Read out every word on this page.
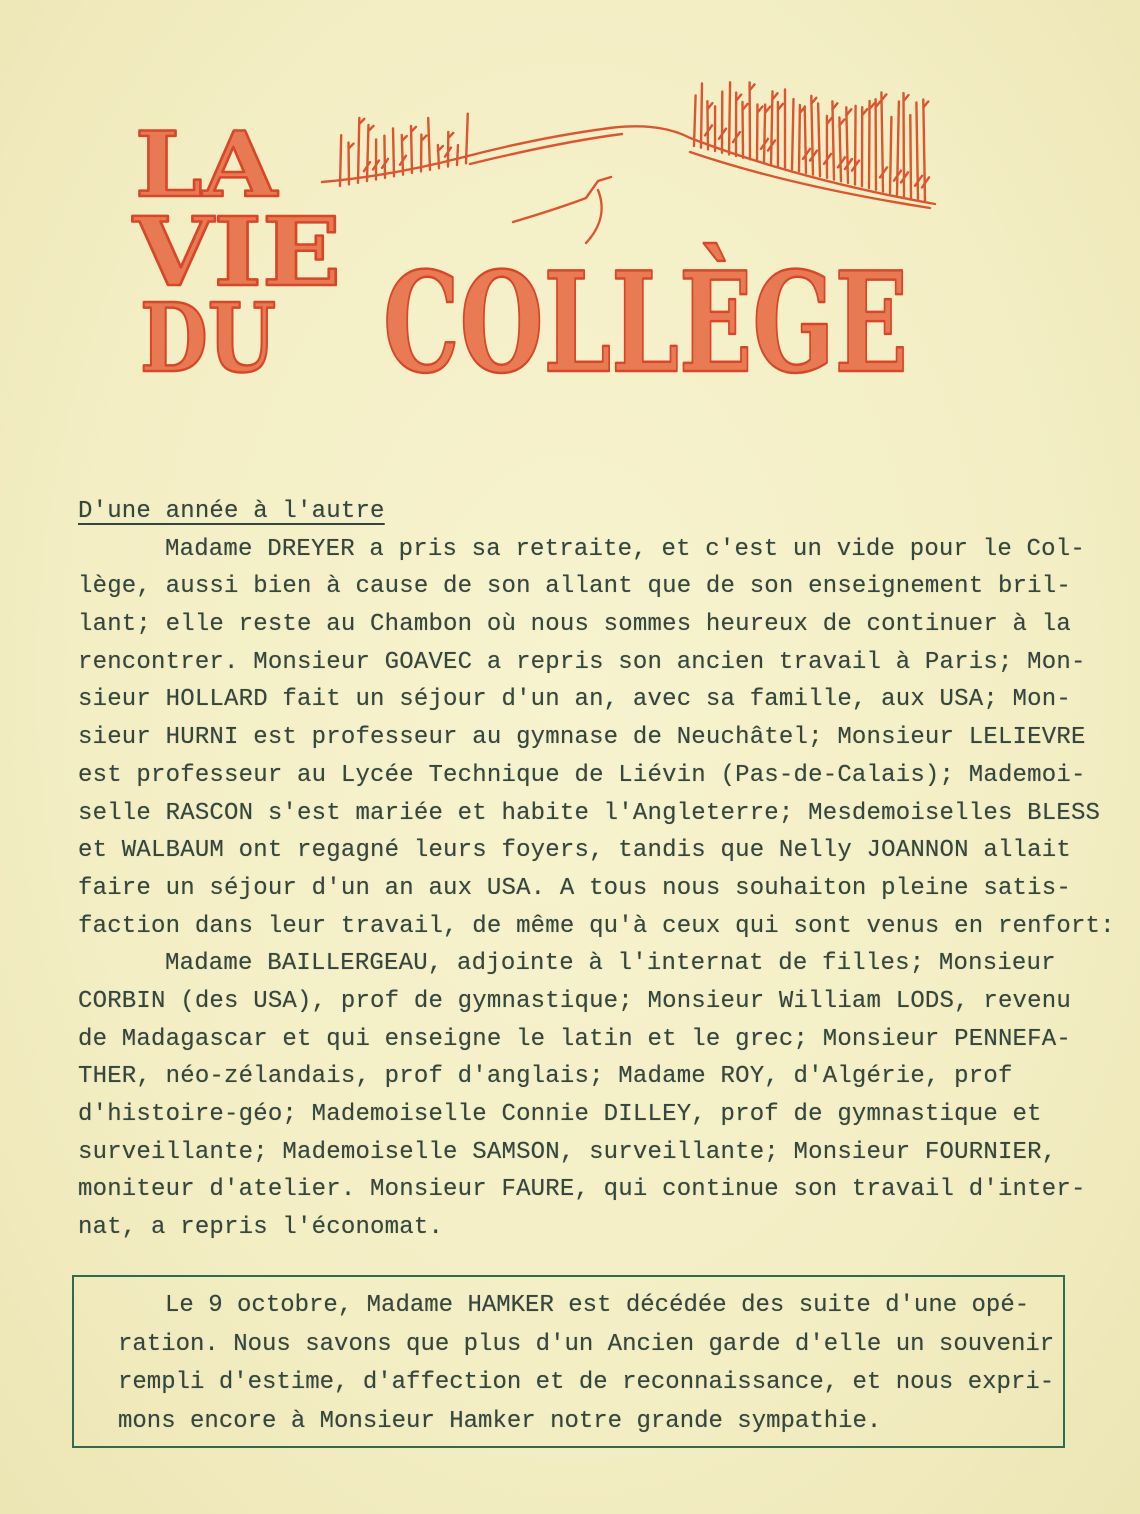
LA
VIE
DU COLLÈGE
D'une année à l'autre
Madame DREYER a pris sa retraite, et c'est un vide pour le Col-
lège, aussi bien à cause de son allant que de son enseignement bril-
lant; elle reste au Chambon où nous sommes heureux de continuer à la
rencontrer. Monsieur GOAVEC a repris son ancien travail à Paris; Mon-
sieur HOLLARD fait un séjour d'un an, avec sa famille, aux USA; Mon-
sieur HURNI est professeur au gymnase de Neuchâtel; Monsieur LELIEVRE
est professeur au Lycée Technique de Liévin (Pas-de-Calais); Mademoi-
selle RASCON s'est mariée et habite l'Angleterre; Mesdemoiselles BLESS
et WALBAUM ont regagné leurs foyers, tandis que Nelly JOANNON allait
faire un séjour d'un an aux USA. A tous nous souhaiton pleine satis-
faction dans leur travail, de même qu'à ceux qui sont venus en renfort:
Madame BAILLERGEAU, adjointe à l'internat de filles; Monsieur
CORBIN (des USA), prof de gymnastique; Monsieur William LODS, revenu
de Madagascar et qui enseigne le latin et le grec; Monsieur PENNEFA-
THER, néo-zélandais, prof d'anglais; Madame ROY, d'Algérie, prof
d'histoire-géo; Mademoiselle Connie DILLEY, prof de gymnastique et
surveillante; Mademoiselle SAMSON, surveillante; Monsieur FOURNIER,
moniteur d'atelier. Monsieur FAURE, qui continue son travail d'inter-
nat, a repris l'économat.
Le 9 octobre, Madame HAMKER est décédée des suite d'une opé-
ration. Nous savons que plus d'un Ancien garde d'elle un souvenir
rempli d'estime, d'affection et de reconnaissance, et nous expri-
mons encore à Monsieur Hamker notre grande sympathie.
